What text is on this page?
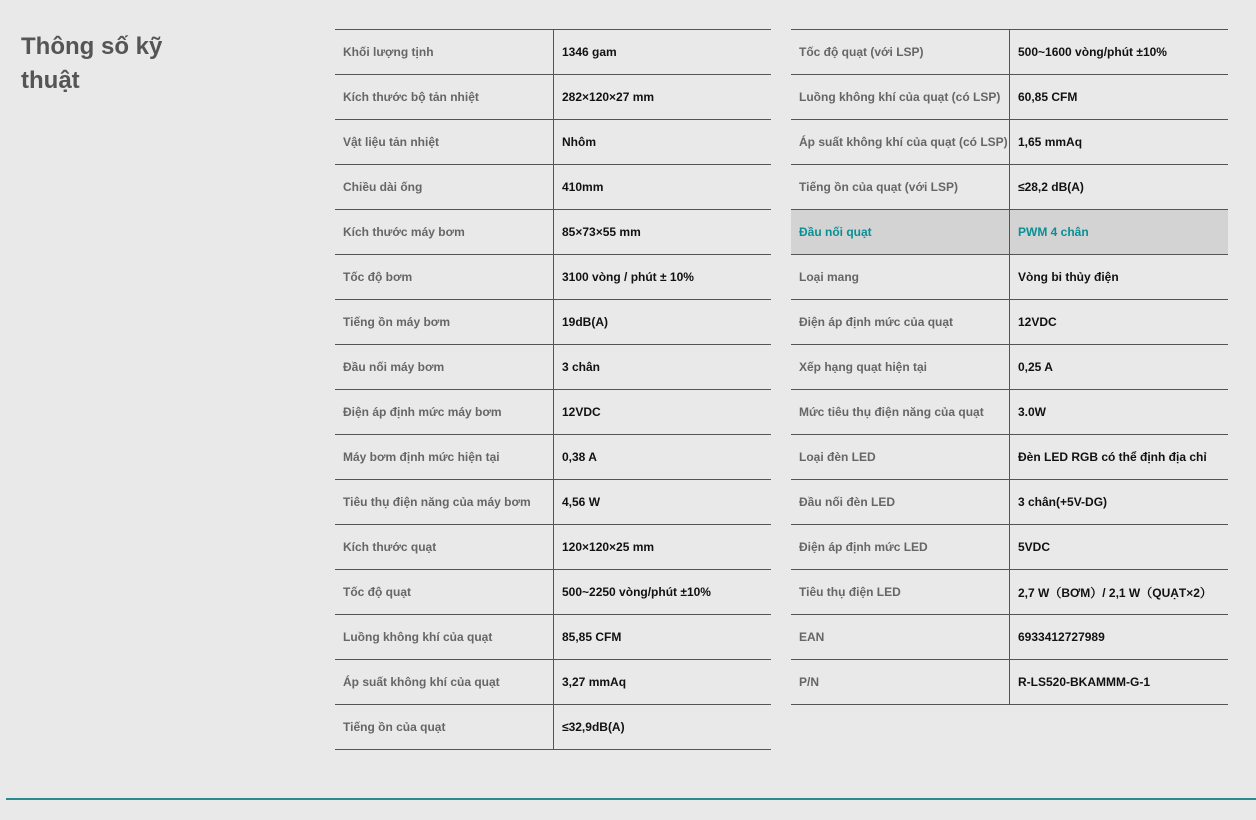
Thông số kỹ thuật
Khối lượng tịnh	1346 gam
Kích thước bộ tản nhiệt	282×120×27 mm
Vật liệu tản nhiệt	Nhôm
Chiều dài ống	410mm
Kích thước máy bơm	85×73×55 mm
Tốc độ bơm	3100 vòng / phút ± 10%
Tiếng ồn máy bơm	19dB(A)
Đầu nối máy bơm	3 chân
Điện áp định mức máy bơm	12VDC
Máy bơm định mức hiện tại	0,38 A
Tiêu thụ điện năng của máy bơm	4,56 W
Kích thước quạt	120×120×25 mm
Tốc độ quạt	500~2250 vòng/phút ±10%
Luồng không khí của quạt	85,85 CFM
Áp suất không khí của quạt	3,27 mmAq
Tiếng ồn của quạt	≤32,9dB(A)
Tốc độ quạt (với LSP)	500~1600 vòng/phút ±10%
Luồng không khí của quạt (có LSP)	60,85 CFM
Áp suất không khí của quạt (có LSP) 1,65 mmAq
Tiếng ồn của quạt (với LSP)	≤28,2 dB(A)
Đầu nối quạt	PWM 4 chân
Loại mang	Vòng bi thủy điện
Điện áp định mức của quạt	12VDC
Xếp hạng quạt hiện tại	0,25 A
Mức tiêu thụ điện năng của quạt	3.0W
Loại đèn LED	Đèn LED RGB có thể định địa chỉ
Đầu nối đèn LED	3 chân(+5V-DG)
Điện áp định mức LED	5VDC
Tiêu thụ điện LED	2,7 W（BƠM）/ 2,1 W（QUẠT×2）
EAN	6933412727989
P/N	R-LS520-BKAMMM-G-1
